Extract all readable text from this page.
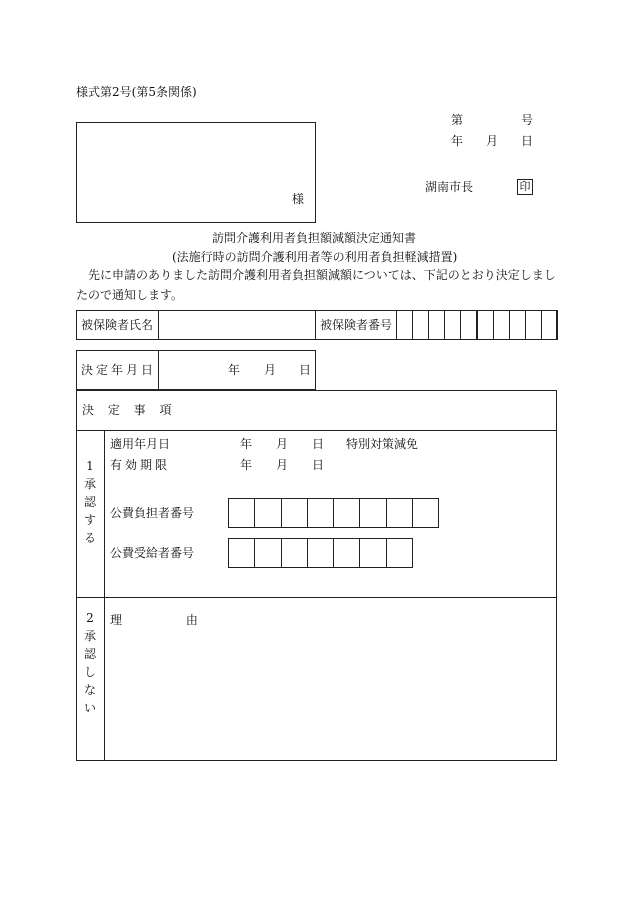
様式第2号(第5条関係)
様
第	号
年 月 日
湖南市長	印
訪問介護利用者負担額減額決定通知書
(法施行時の訪問介護利用者等の利用者負担軽減措置)
先に申請のありました訪問介護利用者負担額減額については、下記のとおり決定しまし
たので通知します。
被保険者氏名	被保険者番号
決定年月日	年 月 日
決 定 事 項
1
承
認
す
る
適用年月日	年 月 日 特別対策減免
有効期限	年 月 日
公費負担者番号
公費受給者番号
2
承
認
し
な
い
理 由
